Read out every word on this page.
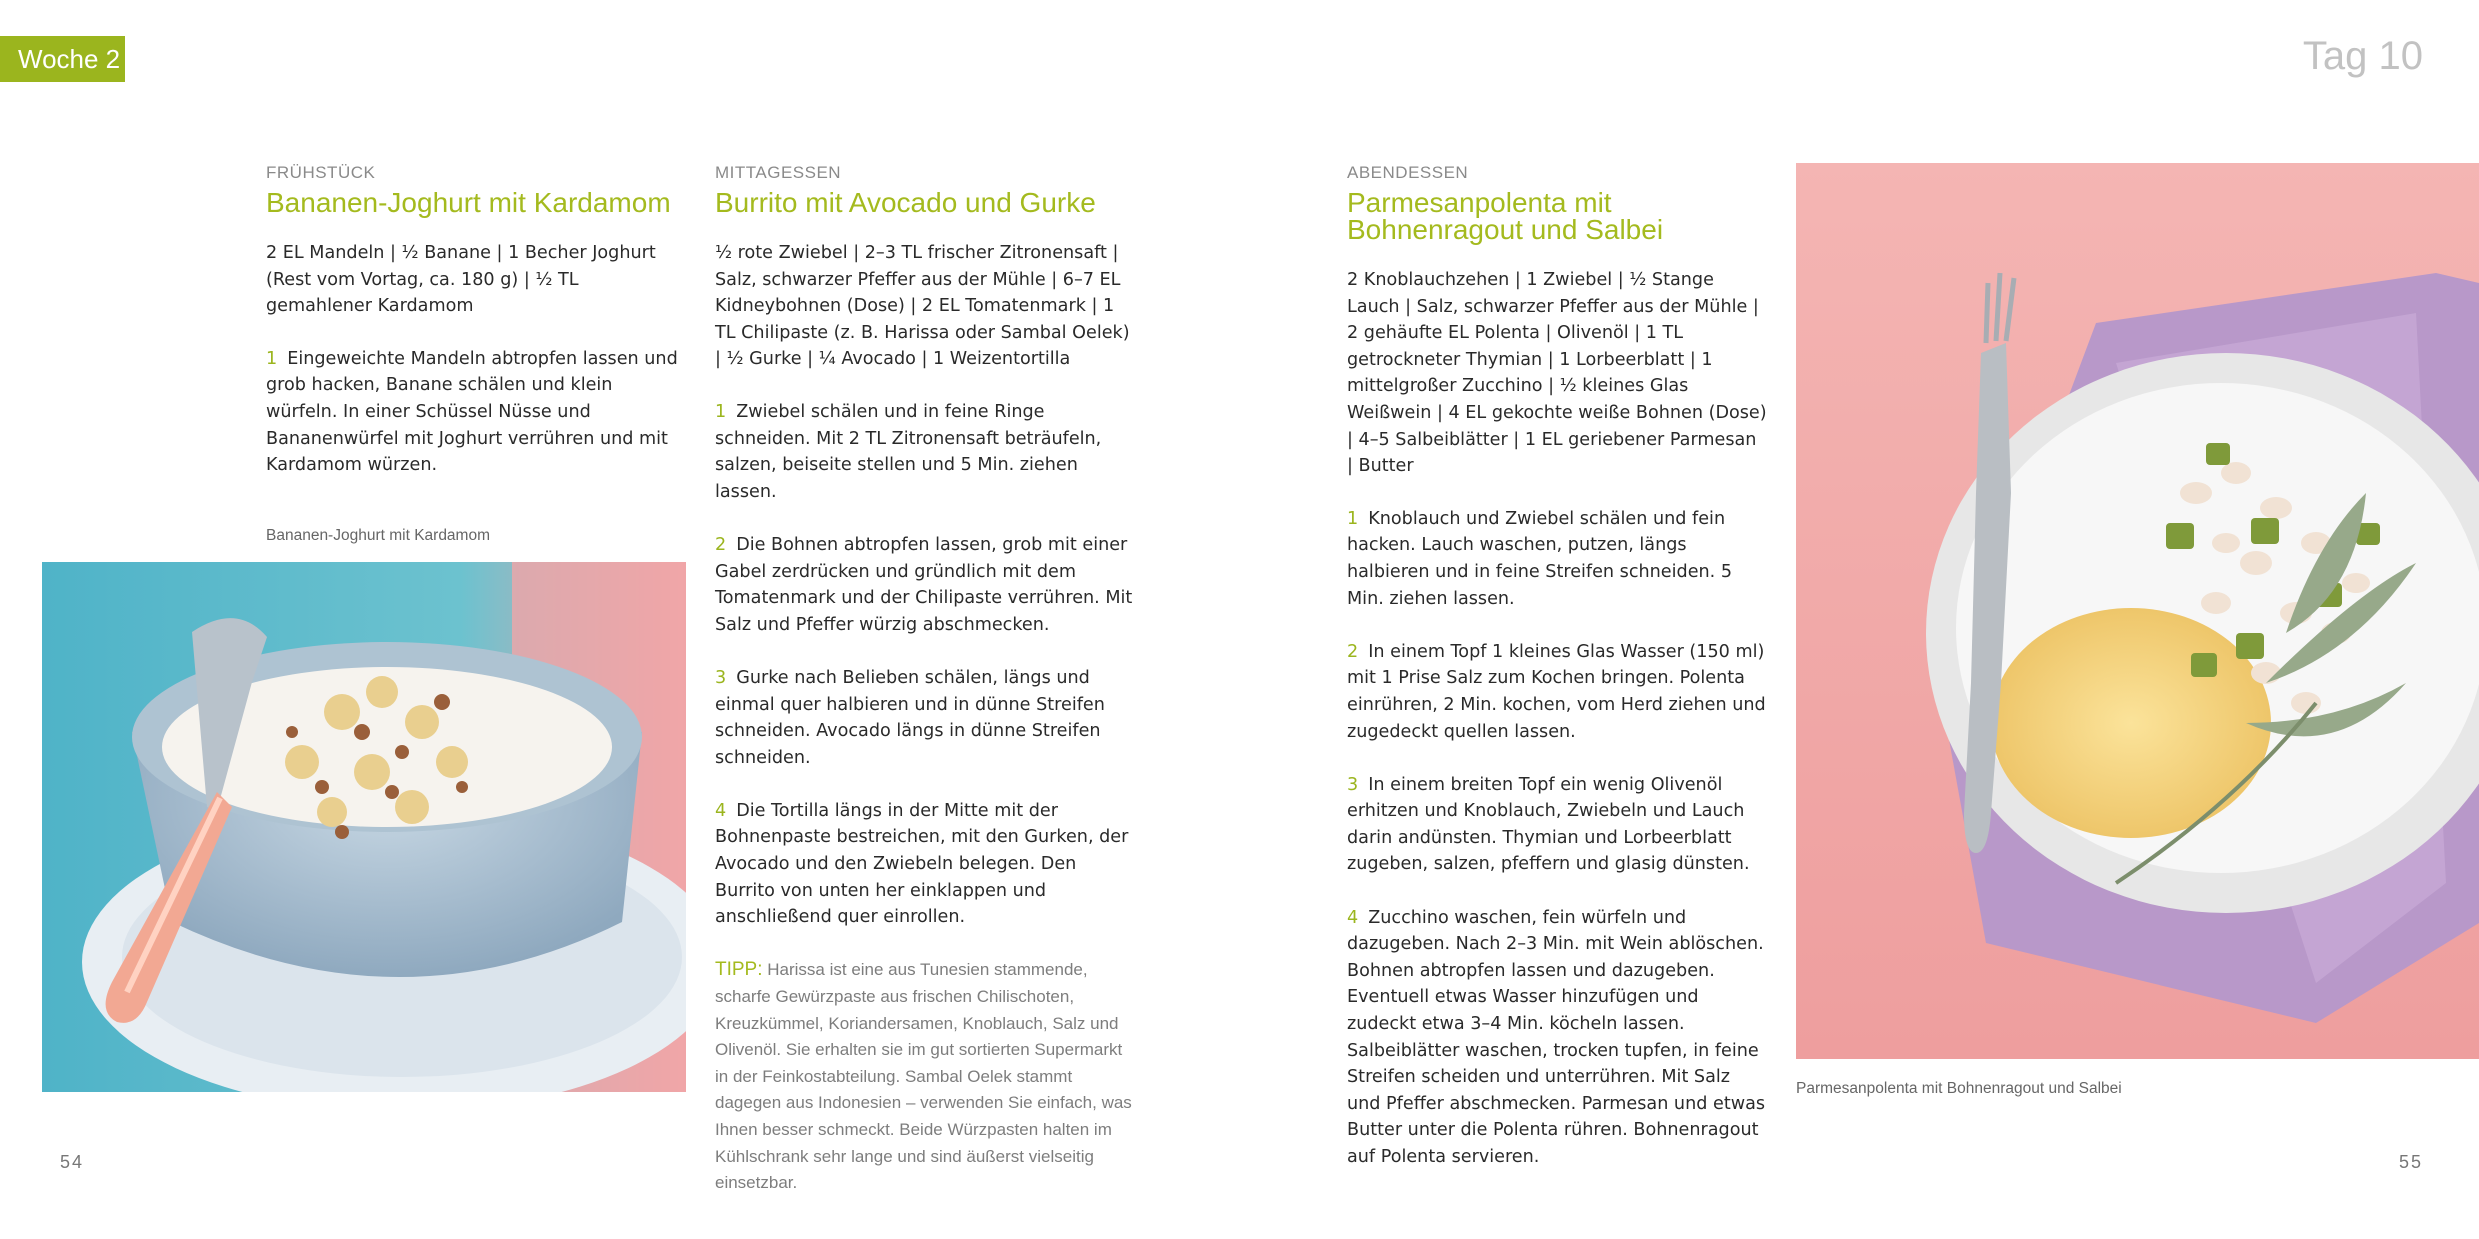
Woche 2	Tag 10
FRÜHSTÜCK
Bananen-Joghurt mit Kardamom
2 EL Mandeln | ½ Banane | 1 Becher Joghurt (Rest vom Vortag, ca. 180 g) | ½ TL gemahlener Kardamom

1 Eingeweichte Mandeln abtropfen lassen und grob hacken, Banane schälen und klein würfeln. In einer Schüssel Nüsse und Bananenwürfel mit Joghurt verrühren und mit Kardamom würzen.

Bananen-Joghurt mit Kardamom
MITTAGESSEN
Burrito mit Avocado und Gurke
½ rote Zwiebel | 2–3 TL frischer Zitronensaft | Salz, schwarzer Pfeffer aus der Mühle | 6–7 EL Kidneybohnen (Dose) | 2 EL Tomatenmark | 1 TL Chilipaste (z. B. Harissa oder Sambal Oelek) | ½ Gurke | ¼ Avocado | 1 Weizentortilla

1 Zwiebel schälen und in feine Ringe schneiden. Mit 2 TL Zitronensaft beträufeln, salzen, beiseite stellen und 5 Min. ziehen lassen.

2 Die Bohnen abtropfen lassen, grob mit einer Gabel zerdrücken und gründlich mit dem Tomatenmark und der Chilipaste verrühren. Mit Salz und Pfeffer würzig abschmecken.

3 Gurke nach Belieben schälen, längs und einmal quer halbieren und in dünne Streifen schneiden. Avocado längs in dünne Streifen schneiden.

4 Die Tortilla längs in der Mitte mit der Bohnenpaste bestreichen, mit den Gurken, der Avocado und den Zwiebeln belegen. Den Burrito von unten her einklappen und anschließend quer einrollen.

TIPP: Harissa ist eine aus Tunesien stammende, scharfe Gewürzpaste aus frischen Chilischoten, Kreuzkümmel, Koriandersamen, Knoblauch, Salz und Olivenöl. Sie erhalten sie im gut sortierten Supermarkt in der Feinkostabteilung. Sambal Oelek stammt dagegen aus Indonesien – verwenden Sie einfach, was Ihnen besser schmeckt. Beide Würzpasten halten im Kühlschrank sehr lange und sind äußerst vielseitig einsetzbar.
ABENDESSEN
Parmesanpolenta mit Bohnenragout und Salbei
2 Knoblauchzehen | 1 Zwiebel | ½ Stange Lauch | Salz, schwarzer Pfeffer aus der Mühle | 2 gehäufte EL Polenta | Olivenöl | 1 TL getrockneter Thymian | 1 Lorbeerblatt | 1 mittelgroßer Zucchino | ½ kleines Glas Weißwein | 4 EL gekochte weiße Bohnen (Dose) | 4–5 Salbeiblätter | 1 EL geriebener Parmesan | Butter

1 Knoblauch und Zwiebel schälen und fein hacken. Lauch waschen, putzen, längs halbieren und in feine Streifen schneiden. 5 Min. ziehen lassen.

2 In einem Topf 1 kleines Glas Wasser (150 ml) mit 1 Prise Salz zum Kochen bringen. Polenta einrühren, 2 Min. kochen, vom Herd ziehen und zugedeckt quellen lassen.

3 In einem breiten Topf ein wenig Olivenöl erhitzen und Knoblauch, Zwiebeln und Lauch darin andünsten. Thymian und Lorbeerblatt zugeben, salzen, pfeffern und glasig dünsten.

4 Zucchino waschen, fein würfeln und dazugeben. Nach 2–3 Min. mit Wein ablöschen. Bohnen abtropfen lassen und dazugeben. Eventuell etwas Wasser hinzufügen und zudeckt etwa 3–4 Min. köcheln lassen. Salbeiblätter waschen, trocken tupfen, in feine Streifen scheiden und unterrühren. Mit Salz und Pfeffer abschmecken. Parmesan und etwas Butter unter die Polenta rühren. Bohnenragout auf Polenta servieren.

Parmesanpolenta mit Bohnenragout und Salbei
54	55
